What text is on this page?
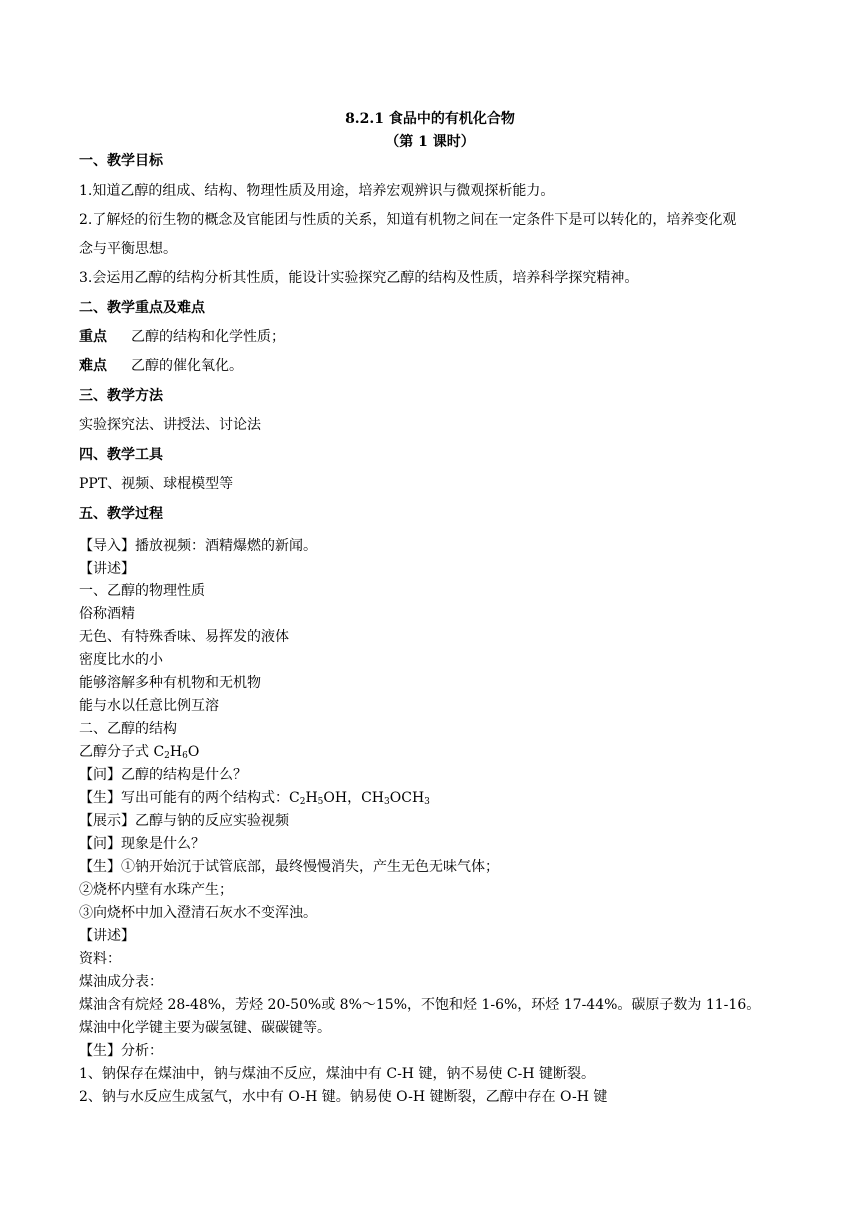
8.2.1 食品中的有机化合物
（第 1 课时）
一、教学目标
1.知道乙醇的组成、结构、物理性质及用途，培养宏观辨识与微观探析能力。
2.了解烃的衍生物的概念及官能团与性质的关系，知道有机物之间在一定条件下是可以转化的，培养变化观
念与平衡思想。
3.会运用乙醇的结构分析其性质，能设计实验探究乙醇的结构及性质，培养科学探究精神。
二、教学重点及难点
重点 乙醇的结构和化学性质；
难点 乙醇的催化氧化。
三、教学方法
实验探究法、讲授法、讨论法
四、教学工具
PPT、视频、球棍模型等
五、教学过程
【导入】播放视频：酒精爆燃的新闻。
【讲述】
一、乙醇的物理性质
俗称酒精
无色、有特殊香味、易挥发的液体
密度比水的小
能够溶解多种有机物和无机物
能与水以任意比例互溶
二、乙醇的结构
乙醇分子式 $C_2H_6O$
【问】乙醇的结构是什么？
【生】写出可能有的两个结构式：$C_2H_5OH$，$CH_3OCH_3$
【展示】乙醇与钠的反应实验视频
【问】现象是什么？
【生】①钠开始沉于试管底部，最终慢慢消失，产生无色无味气体；
②烧杯内壁有水珠产生；
③向烧杯中加入澄清石灰水不变浑浊。
【讲述】
资料：
煤油成分表：
煤油含有烷烃 28-48%，芳烃 20-50%或 8%～15%，不饱和烃 1-6%，环烃 17-44%。碳原子数为 11-16。
煤油中化学键主要为碳氢键、碳碳键等。
【生】分析：
1、钠保存在煤油中，钠与煤油不反应，煤油中有 C-H 键，钠不易使 C-H 键断裂。
2、钠与水反应生成氢气，水中有 O-H 键。钠易使 O-H 键断裂，乙醇中存在 O-H 键
